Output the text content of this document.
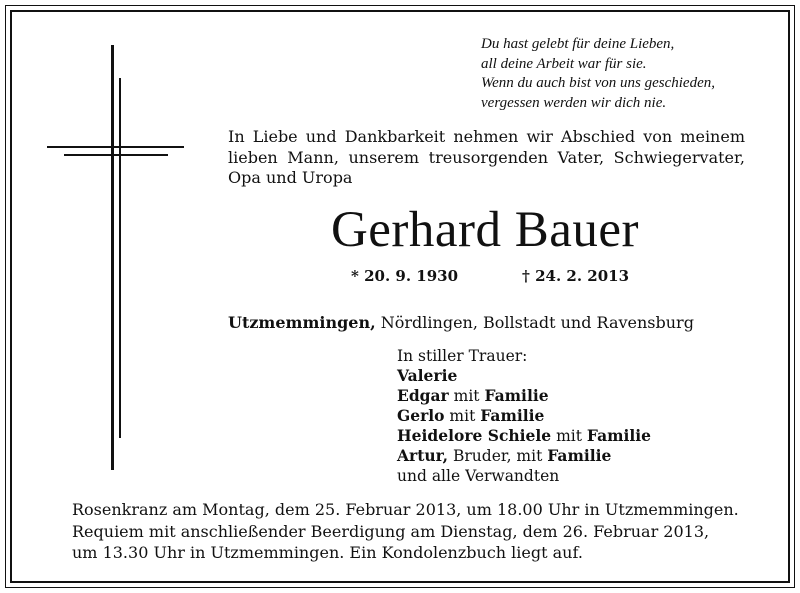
Du hast gelebt für deine Lieben,
all deine Arbeit war für sie.
Wenn du auch bist von uns geschieden,
vergessen werden wir dich nie.
In Liebe und Dankbarkeit nehmen wir Abschied von meinem
lieben Mann, unserem treusorgenden Vater, Schwiegervater,
Opa und Uropa
Gerhard Bauer
* 20. 9. 1930	† 24. 2. 2013
Utzmemmingen, Nördlingen, Bollstadt und Ravensburg
In stiller Trauer:
Valerie
Edgar mit Familie
Gerlo mit Familie
Heidelore Schiele mit Familie
Artur, Bruder, mit Familie
und alle Verwandten
Rosenkranz am Montag, dem 25. Februar 2013, um 18.00 Uhr in Utzmemmingen.
Requiem mit anschließender Beerdigung am Dienstag, dem 26. Februar 2013,
um 13.30 Uhr in Utzmemmingen. Ein Kondolenzbuch liegt auf.
